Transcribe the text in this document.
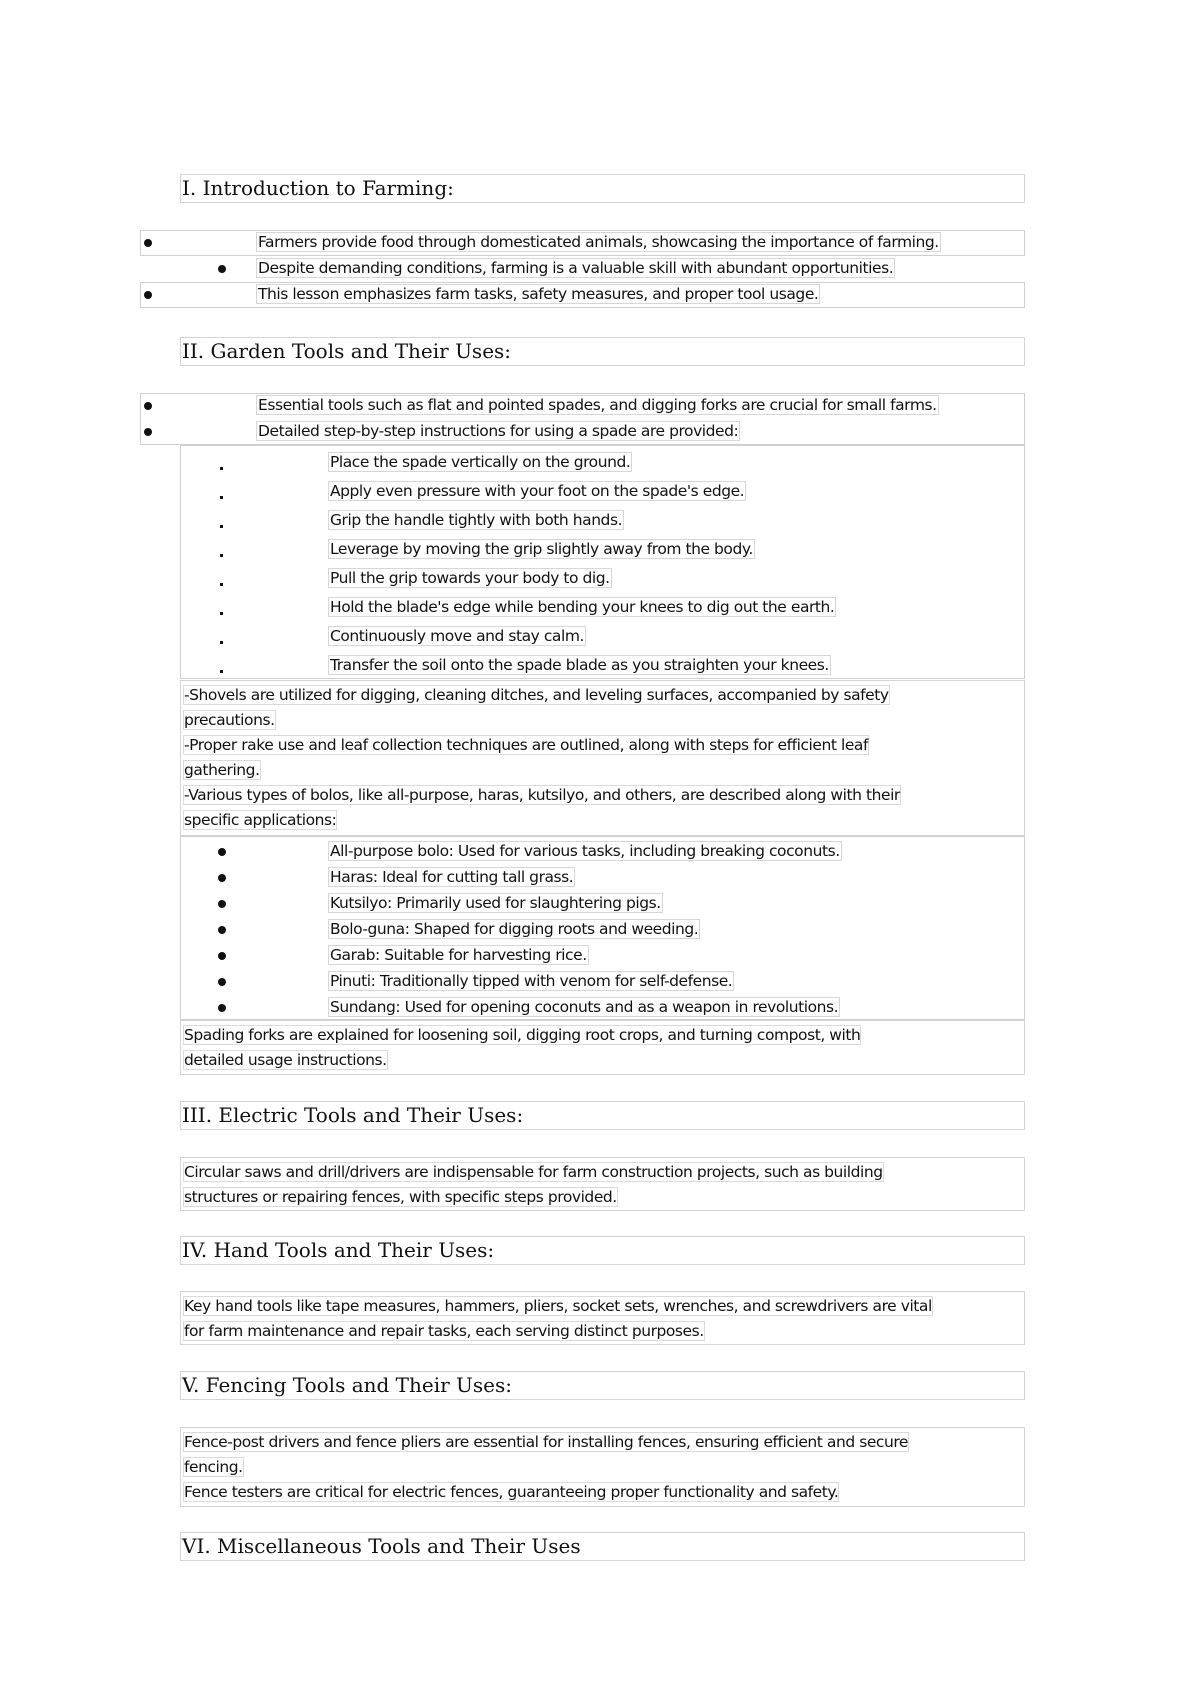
I. Introduction to Farming:
Farmers provide food through domesticated animals, showcasing the importance of farming.
Despite demanding conditions, farming is a valuable skill with abundant opportunities.
This lesson emphasizes farm tasks, safety measures, and proper tool usage.
II. Garden Tools and Their Uses:
Essential tools such as flat and pointed spades, and digging forks are crucial for small farms.
Detailed step-by-step instructions for using a spade are provided:
Place the spade vertically on the ground.
Apply even pressure with your foot on the spade's edge.
Grip the handle tightly with both hands.
Leverage by moving the grip slightly away from the body.
Pull the grip towards your body to dig.
Hold the blade's edge while bending your knees to dig out the earth.
Continuously move and stay calm.
Transfer the soil onto the spade blade as you straighten your knees.
-Shovels are utilized for digging, cleaning ditches, and leveling surfaces, accompanied by safety
precautions.
-Proper rake use and leaf collection techniques are outlined, along with steps for efficient leaf
gathering.
-Various types of bolos, like all-purpose, haras, kutsilyo, and others, are described along with their
specific applications:
All-purpose bolo: Used for various tasks, including breaking coconuts.
Haras: Ideal for cutting tall grass.
Kutsilyo: Primarily used for slaughtering pigs.
Bolo-guna: Shaped for digging roots and weeding.
Garab: Suitable for harvesting rice.
Pinuti: Traditionally tipped with venom for self-defense.
Sundang: Used for opening coconuts and as a weapon in revolutions.
Spading forks are explained for loosening soil, digging root crops, and turning compost, with
detailed usage instructions.
III. Electric Tools and Their Uses:
Circular saws and drill/drivers are indispensable for farm construction projects, such as building
structures or repairing fences, with specific steps provided.
IV. Hand Tools and Their Uses:
Key hand tools like tape measures, hammers, pliers, socket sets, wrenches, and screwdrivers are vital
for farm maintenance and repair tasks, each serving distinct purposes.
V. Fencing Tools and Their Uses:
Fence-post drivers and fence pliers are essential for installing fences, ensuring efficient and secure
fencing.
Fence testers are critical for electric fences, guaranteeing proper functionality and safety.
VI. Miscellaneous Tools and Their Uses
